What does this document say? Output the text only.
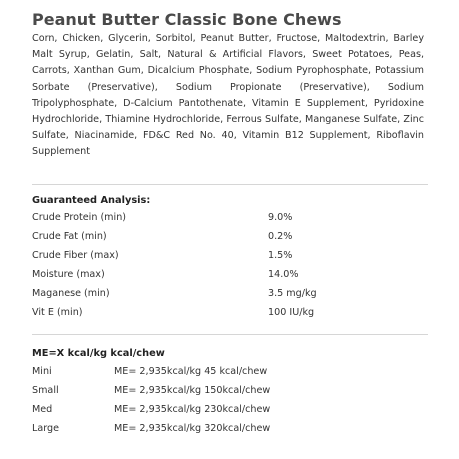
Peanut Butter Classic Bone Chews
Corn, Chicken, Glycerin, Sorbitol, Peanut Butter, Fructose, Maltodextrin, Barley Malt Syrup, Gelatin, Salt, Natural & Artificial Flavors, Sweet Potatoes, Peas, Carrots, Xanthan Gum, Dicalcium Phosphate, Sodium Pyrophosphate, Potassium Sorbate (Preservative), Sodium Propionate (Preservative), Sodium Tripolyphosphate, D-Calcium Pantothenate, Vitamin E Supplement, Pyridoxine Hydrochloride, Thiamine Hydrochloride, Ferrous Sulfate, Manganese Sulfate, Zinc Sulfate, Niacinamide, FD&C Red No. 40, Vitamin B12 Supplement, Riboflavin Supplement
Guaranteed Analysis:
Crude Protein (min)	9.0%
Crude Fat (min)	0.2%
Crude Fiber (max)	1.5%
Moisture (max)	14.0%
Maganese (min)	3.5 mg/kg
Vit E (min)	100 IU/kg
ME=X kcal/kg kcal/chew
Mini	ME= 2,935kcal/kg 45 kcal/chew
Small	ME= 2,935kcal/kg 150kcal/chew
Med	ME= 2,935kcal/kg 230kcal/chew
Large	ME= 2,935kcal/kg 320kcal/chew
